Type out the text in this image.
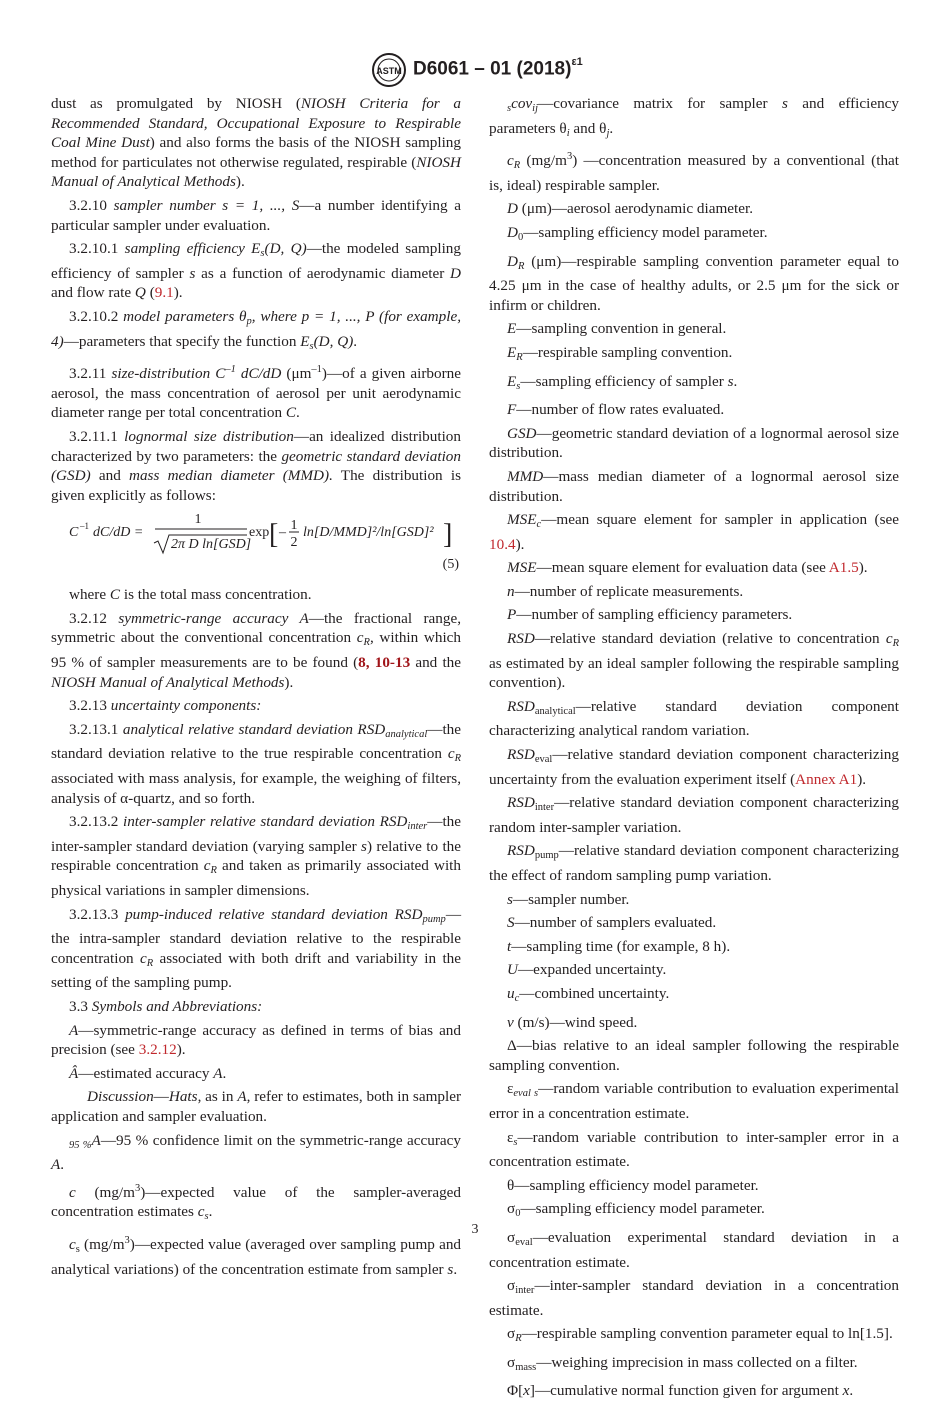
ASTM D6061 – 01 $(2018)^{\varepsilon 1}$

dust as promulgated by NIOSH (NIOSH Criteria for a Recommended Standard, Occupational Exposure to Respirable Coal Mine Dust) and also forms the basis of the NIOSH sampling method for particulates not otherwise regulated, respirable (NIOSH Manual of Analytical Methods).

3.2.10 sampler number s = 1, ..., S—a number identifying a particular sampler under evaluation.

3.2.10.1 sampling efficiency $E_s(D$, Q)—the modeled sampling efficiency of sampler s as a function of aerodynamic diameter D and flow rate Q (9.1).

3.2.10.2 model parameters $\theta_p$, where p = 1, ..., P (for example, 4)—parameters that specify the function $E_s(D$, Q).

3.2.11 size-distribution $C^{-1}$ dC/dD $(\mu m^{-1})—of$ a given airborne aerosol, the mass concentration of aerosol per unit aerodynamic diameter range per total concentration C.

3.2.11.1 lognormal size distribution—an idealized distribution characterized by two parameters: the geometric standard deviation (GSD) and mass median diameter (MMD). The distribution is given explicitly as follows:

C –1 dC/dD =
1
2π D ln[GSD]
exp [ – 1
2
ln[D/MMD]²/ln[GSD]² ]
(5)

where C is the total mass concentration.

3.2.12 symmetric-range accuracy A—the fractional range, symmetric about the conventional concentration $c_R$, within which 95 % of sampler measurements are to be found (8, 10-13 and the NIOSH Manual of Analytical Methods).

3.2.13 uncertainty components:

3.2.13.1 analytical relative standard deviation $RSD_{analytical}—the$ standard deviation relative to the true respirable concentration $c_R$ associated with mass analysis, for example, the weighing of filters, analysis of α-quartz, and so forth.

3.2.13.2 inter-sampler relative standard deviation $RSD_{inter}—the$ inter-sampler standard deviation (varying sampler s) relative to the respirable concentration $c_R$ and taken as primarily associated with physical variations in sampler dimensions.

3.2.13.3 pump-induced relative standard deviation $RSD_{pump}—the$ intra-sampler standard deviation relative to the respirable concentration $c_R$ associated with both drift and variability in the setting of the sampling pump.

3.3 Symbols and Abbreviations:

A—symmetric-range accuracy as defined in terms of bias and precision (see 3.2.12).

Â—estimated accuracy A.

Discussion—Hats, as in A, refer to estimates, both in sampler application and sampler evaluation.

$_{95 \%}$A—95 % confidence limit on the symmetric-range accuracy A.

c $(mg/m^3)—expected$ value of the sampler-averaged concentration estimates $c_s$.

$c_s$ $(mg/m^3)—expected$ value (averaged over sampling pump and analytical variations) of the concentration estimate from sampler s.

$_s$cov$_{ij}$—covariance matrix for sampler s and efficiency parameters $\theta_i$ and $\theta_j$.

$c_R$ $(mg/m^3)$ —concentration measured by a conventional (that is, ideal) respirable sampler.

D (μm)—aerosol aerodynamic diameter.

$D_0—sampling$ efficiency model parameter.

$D_R$ (μm)—respirable sampling convention parameter equal to 4.25 μm in the case of healthy adults, or 2.5 μm for the sick or infirm or children.

E—sampling convention in general.

$E_R—respirable$ sampling convention.

$E_s—sampling$ efficiency of sampler s.

F—number of flow rates evaluated.

GSD—geometric standard deviation of a lognormal aerosol size distribution.

MMD—mass median diameter of a lognormal aerosol size distribution.

$MSE_c—mean$ square element for sampler in application (see 10.4).

MSE—mean square element for evaluation data (see A1.5).

n—number of replicate measurements.

P—number of sampling efficiency parameters.

RSD—relative standard deviation (relative to concentration $c_R$ as estimated by an ideal sampler following the respirable sampling convention).

$RSD_{analytical}—relative$ standard deviation component characterizing analytical random variation.

$RSD_{eval}—relative$ standard deviation component characterizing uncertainty from the evaluation experiment itself (Annex A1).

$RSD_{inter}—relative$ standard deviation component characterizing random inter-sampler variation.

$RSD_{pump}—relative$ standard deviation component characterizing the effect of random sampling pump variation.

s—sampler number.

S—number of samplers evaluated.

t—sampling time (for example, 8 h).

U—expanded uncertainty.

$u_c—combined$ uncertainty.

v (m/s)—wind speed.

Δ—bias relative to an ideal sampler following the respirable sampling convention.

$\varepsilon_{eval s}—random$ variable contribution to evaluation experimental error in a concentration estimate.

$\varepsilon_s—random$ variable contribution to inter-sampler error in a concentration estimate.

θ—sampling efficiency model parameter.

$\sigma_0—sampling$ efficiency model parameter.

$\sigma_{eval}—evaluation$ experimental standard deviation in a concentration estimate.

$\sigma_{inter}—inter$-sampler standard deviation in a concentration estimate.

$\sigma_R—respirable$ sampling convention parameter equal to ln[1.5].

$\sigma_{mass}—weighing$ imprecision in mass collected on a filter.

Φ[x]—cumulative normal function given for argument x.

3
